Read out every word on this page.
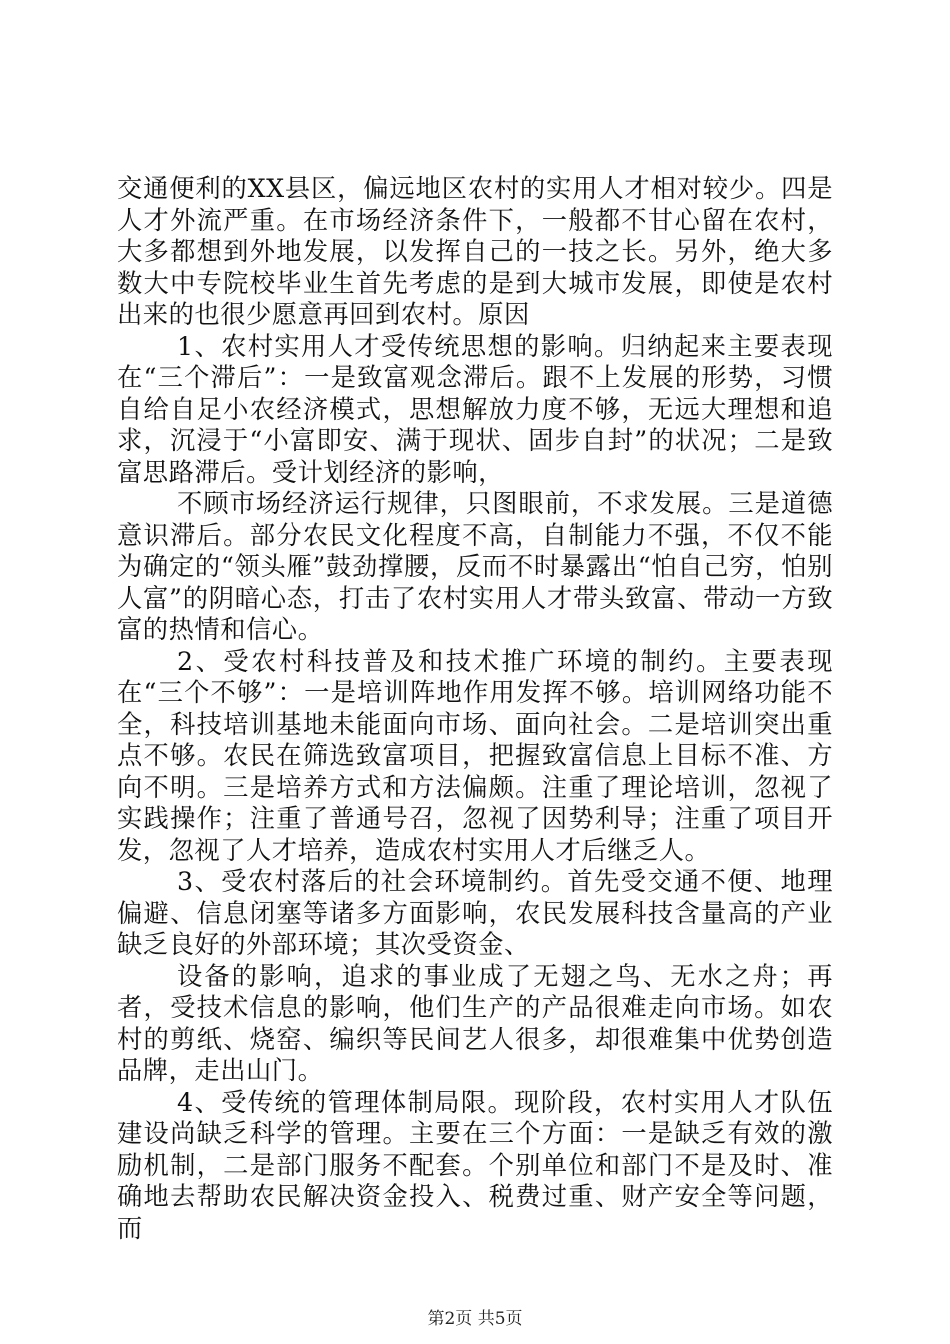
交通便利的XX县区，偏远地区农村的实用人才相对较少。四是人才外流严重。在市场经济条件下，一般都不甘心留在农村，大多都想到外地发展，以发挥自己的一技之长。另外，绝大多数大中专院校毕业生首先考虑的是到大城市发展，即使是农村出来的也很少愿意再回到农村。原因

1、农村实用人才受传统思想的影响。归纳起来主要表现在“三个滞后”：一是致富观念滞后。跟不上发展的形势，习惯自给自足小农经济模式，思想解放力度不够，无远大理想和追求，沉浸于“小富即安、满于现状、固步自封”的状况；二是致富思路滞后。受计划经济的影响，

不顾市场经济运行规律，只图眼前，不求发展。三是道德意识滞后。部分农民文化程度不高，自制能力不强，不仅不能为确定的“领头雁”鼓劲撑腰，反而不时暴露出“怕自己穷，怕别人富”的阴暗心态，打击了农村实用人才带头致富、带动一方致富的热情和信心。

2、受农村科技普及和技术推广环境的制约。主要表现在“三个不够”：一是培训阵地作用发挥不够。培训网络功能不全，科技培训基地未能面向市场、面向社会。二是培训突出重点不够。农民在筛选致富项目，把握致富信息上目标不准、方向不明。三是培养方式和方法偏颇。注重了理论培训，忽视了实践操作；注重了普通号召，忽视了因势利导；注重了项目开发，忽视了人才培养，造成农村实用人才后继乏人。

3、受农村落后的社会环境制约。首先受交通不便、地理偏避、信息闭塞等诸多方面影响，农民发展科技含量高的产业缺乏良好的外部环境；其次受资金、

设备的影响，追求的事业成了无翅之鸟、无水之舟；再者，受技术信息的影响，他们生产的产品很难走向市场。如农村的剪纸、烧窑、编织等民间艺人很多，却很难集中优势创造品牌，走出山门。

4、受传统的管理体制局限。现阶段，农村实用人才队伍建设尚缺乏科学的管理。主要在三个方面：一是缺乏有效的激励机制，二是部门服务不配套。个别单位和部门不是及时、准确地去帮助农民解决资金投入、税费过重、财产安全等问题，而

第2页 共5页
